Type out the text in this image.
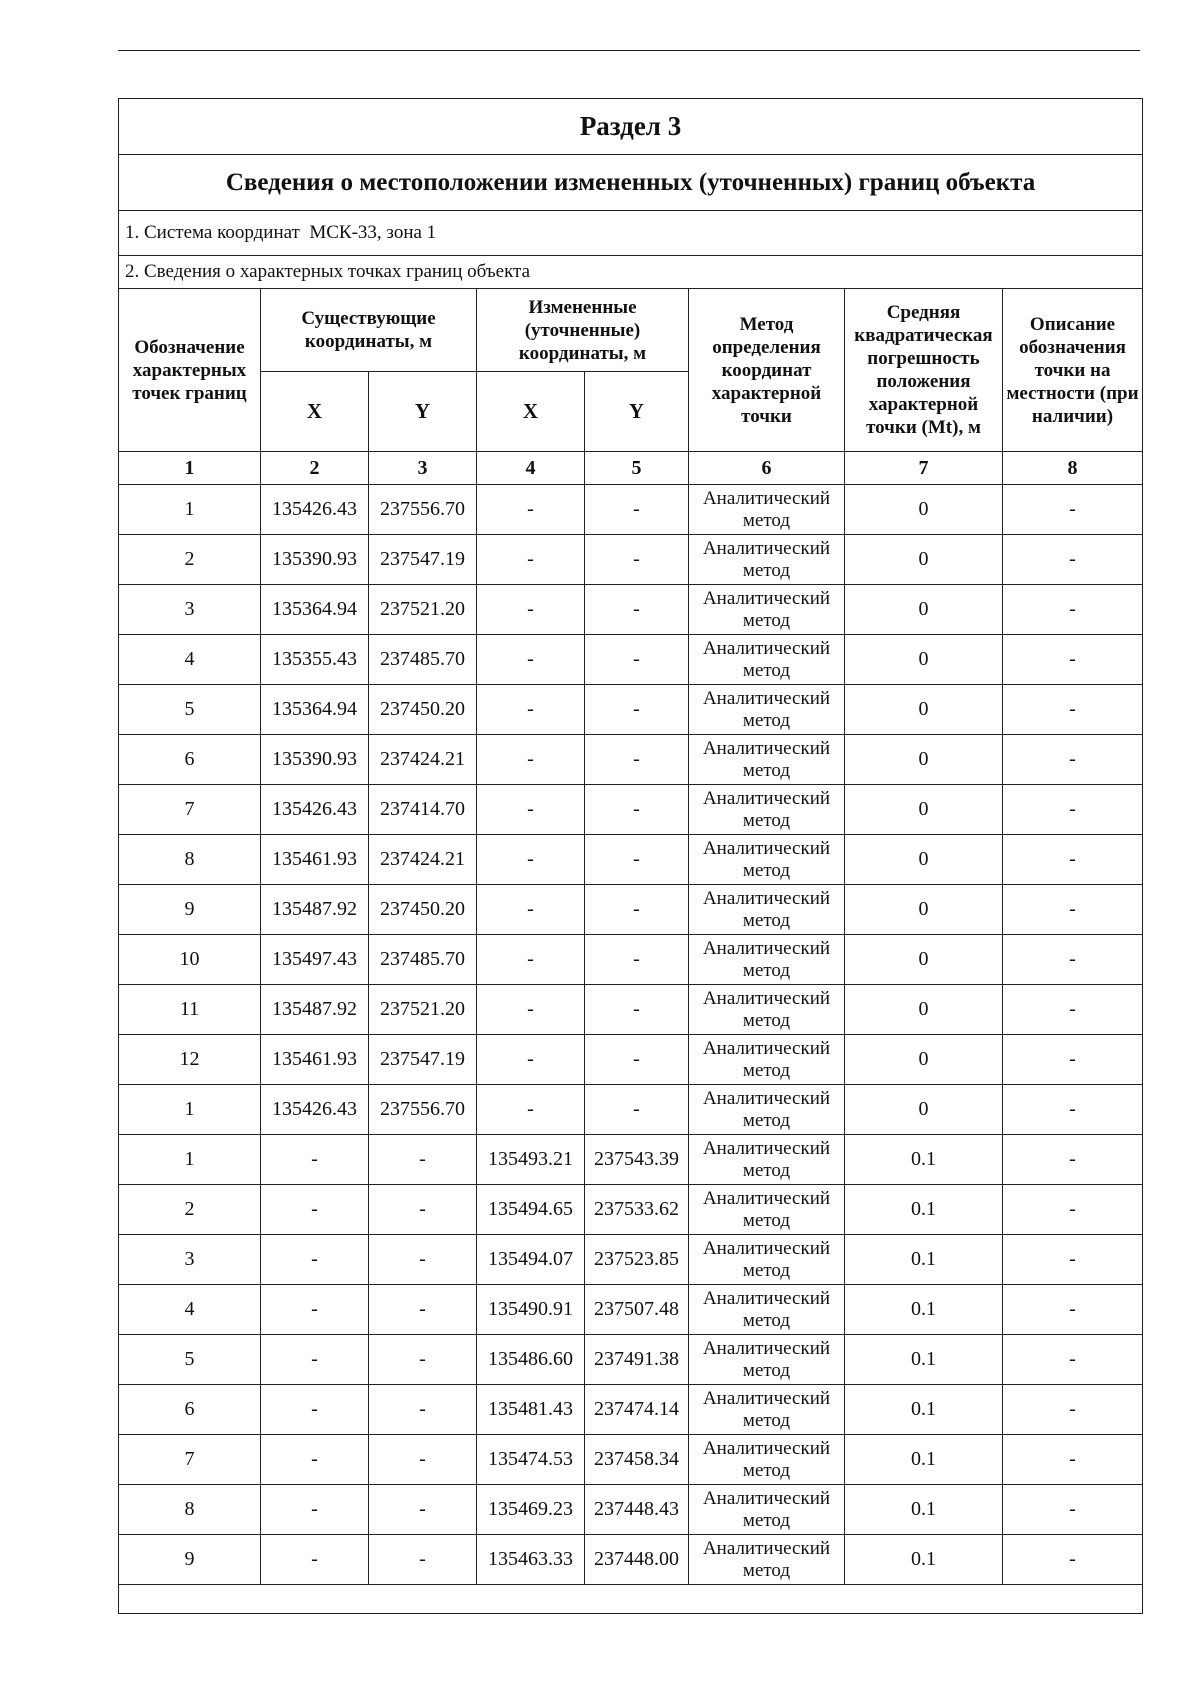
Раздел 3							
Сведения о местоположении измененных (уточненных) границ объекта							
1. Система координат МСК-33, зона 1							
2. Сведения о характерных точках границ объекта							
Обозначение характерных точек границ	Существующие координаты, м		Измененные (уточненные) координаты, м		Метод определения координат характерной точки	Средняя квадратическая погрешность положения характерной точки (Mt), м	Описание обозначения точки на местности (при наличии)
	X	Y	X	Y			
1	2	3	4	5	6	7	8
1	135426.43	237556.70	-	-	Аналитический метод	0	-
2	135390.93	237547.19	-	-	Аналитический метод	0	-
3	135364.94	237521.20	-	-	Аналитический метод	0	-
4	135355.43	237485.70	-	-	Аналитический метод	0	-
5	135364.94	237450.20	-	-	Аналитический метод	0	-
6	135390.93	237424.21	-	-	Аналитический метод	0	-
7	135426.43	237414.70	-	-	Аналитический метод	0	-
8	135461.93	237424.21	-	-	Аналитический метод	0	-
9	135487.92	237450.20	-	-	Аналитический метод	0	-
10	135497.43	237485.70	-	-	Аналитический метод	0	-
11	135487.92	237521.20	-	-	Аналитический метод	0	-
12	135461.93	237547.19	-	-	Аналитический метод	0	-
1	135426.43	237556.70	-	-	Аналитический метод	0	-
1	-	-	135493.21	237543.39	Аналитический метод	0.1	-
2	-	-	135494.65	237533.62	Аналитический метод	0.1	-
3	-	-	135494.07	237523.85	Аналитический метод	0.1	-
4	-	-	135490.91	237507.48	Аналитический метод	0.1	-
5	-	-	135486.60	237491.38	Аналитический метод	0.1	-
6	-	-	135481.43	237474.14	Аналитический метод	0.1	-
7	-	-	135474.53	237458.34	Аналитический метод	0.1	-
8	-	-	135469.23	237448.43	Аналитический метод	0.1	-
9	-	-	135463.33	237448.00	Аналитический метод	0.1	-
